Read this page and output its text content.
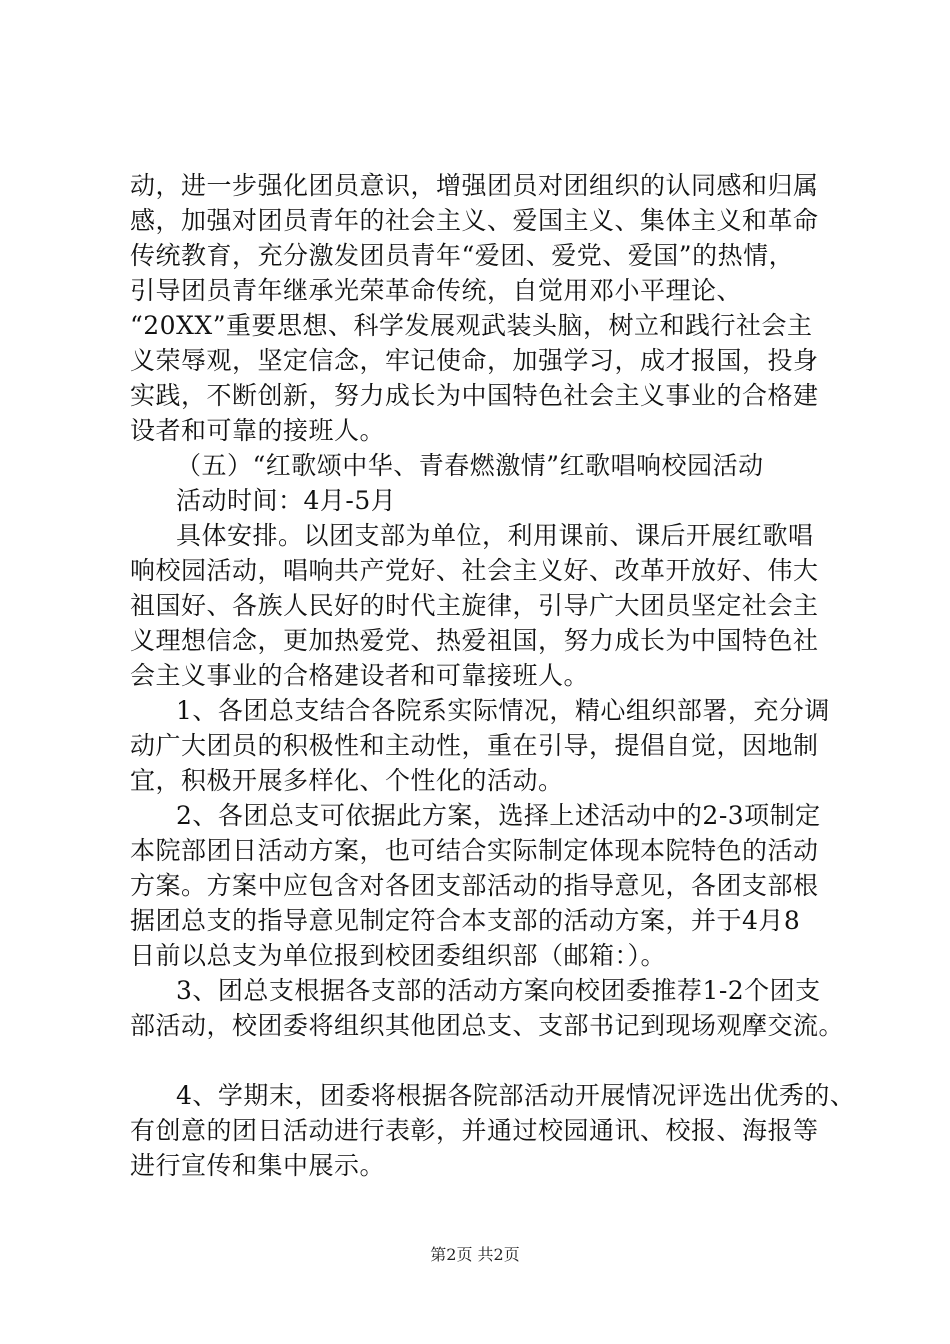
动，进一步强化团员意识，增强团员对团组织的认同感和归属
感，加强对团员青年的社会主义、爱国主义、集体主义和革命
传统教育，充分激发团员青年“爱团、爱党、爱国”的热情，
引导团员青年继承光荣革命传统，自觉用邓小平理论、
“20XX”重要思想、科学发展观武装头脑，树立和践行社会主
义荣辱观，坚定信念，牢记使命，加强学习，成才报国，投身
实践，不断创新，努力成长为中国特色社会主义事业的合格建
设者和可靠的接班人。
（五）“红歌颂中华、青春燃激情”红歌唱响校园活动
活动时间：4月-5月
具体安排。以团支部为单位，利用课前、课后开展红歌唱
响校园活动，唱响共产党好、社会主义好、改革开放好、伟大
祖国好、各族人民好的时代主旋律，引导广大团员坚定社会主
义理想信念，更加热爱党、热爱祖国，努力成长为中国特色社
会主义事业的合格建设者和可靠接班人。
1、各团总支结合各院系实际情况，精心组织部署，充分调
动广大团员的积极性和主动性，重在引导，提倡自觉，因地制
宜，积极开展多样化、个性化的活动。
2、各团总支可依据此方案，选择上述活动中的2-3项制定
本院部团日活动方案，也可结合实际制定体现本院特色的活动
方案。方案中应包含对各团支部活动的指导意见，各团支部根
据团总支的指导意见制定符合本支部的活动方案，并于4月8
日前以总支为单位报到校团委组织部（邮箱：）。
3、团总支根据各支部的活动方案向校团委推荐1-2个团支
部活动，校团委将组织其他团总支、支部书记到现场观摩交流。
4、学期末，团委将根据各院部活动开展情况评选出优秀的、
有创意的团日活动进行表彰，并通过校园通讯、校报、海报等
进行宣传和集中展示。
第2页 共2页
